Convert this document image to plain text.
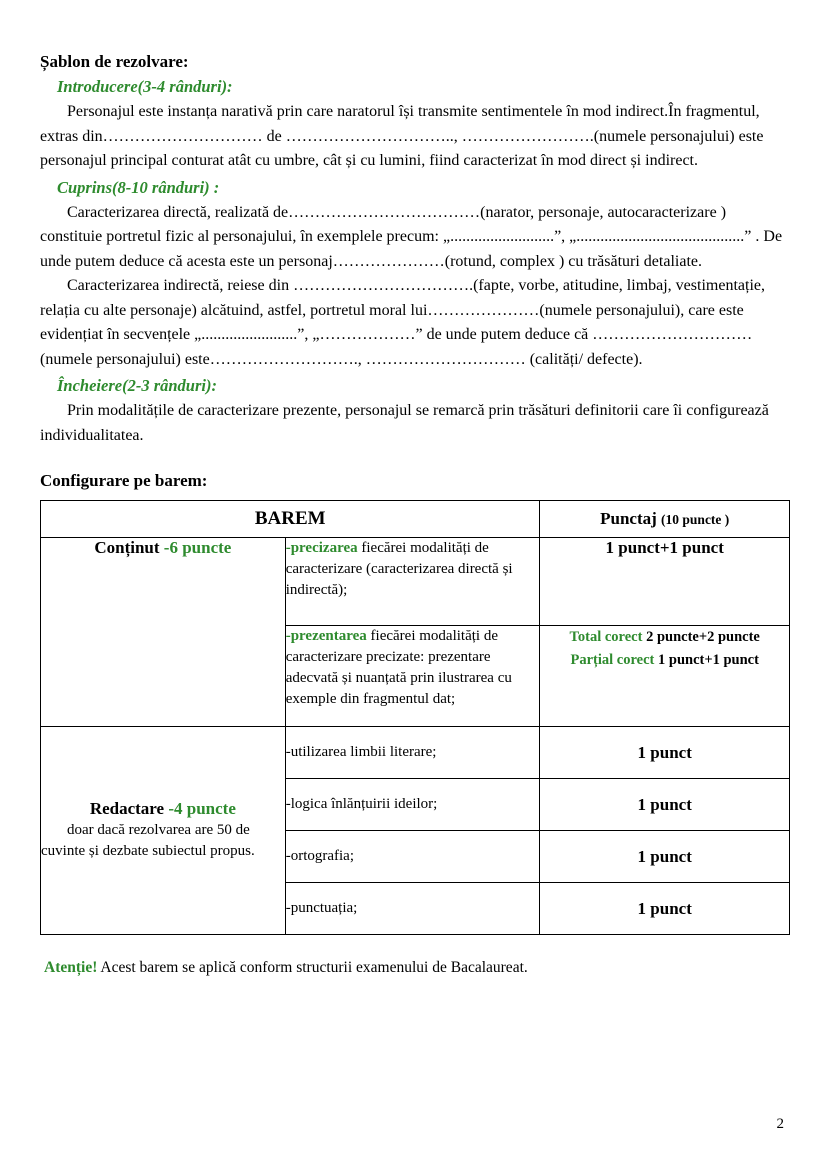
Șablon de rezolvare:
Introducere(3-4 rânduri):

Personajul este instanța narativă prin care naratorul își transmite sentimentele în mod indirect.În fragmentul, extras din………………………… de ………………………….., …………………….(numele personajului) este personajul principal conturat atât cu umbre, cât și cu lumini, fiind caracterizat în mod direct și indirect.

Cuprins(8-10 rânduri) :

Caracterizarea directă, realizată de………………………………(narator, personaje, autocaracterizare ) constituie portretul fizic al personajului, în exemplele precum: „..........................”, „..........................................” . De unde putem deduce că acesta este un personaj…………………(rotund, complex ) cu trăsături detaliate.

Caracterizarea indirectă, reiese din …………………………….(fapte, vorbe, atitudine, limbaj, vestimentație, relația cu alte personaje) alcătuind, astfel, portretul moral lui…………………(numele personajului), care este evidențiat în secvențele „........................”, „………………” de unde putem deduce că ………………………… (numele personajului) este………………………., ………………………… (calități/ defecte).

Încheiere(2-3 rânduri):

Prin modalitățile de caracterizare prezente, personajul se remarcă prin trăsături definitorii care îi configurează individualitatea.

Configurare pe barem:
BAREM		Punctaj (10 puncte )
Conținut -6 puncte	-precizarea fiecărei modalități de caracterizare (caracterizarea directă și indirectă);	1 punct+1 punct
	-prezentarea fiecărei modalități de caracterizare precizate: prezentare adecvată și nuanțată prin ilustrarea cu exemple din fragmentul dat;	Total corect 2 puncte+2 puncte
Parțial corect 1 punct+1 punct

Redactare -4 puncte
doar dacă rezolvarea are 50 de cuvinte și dezbate subiectul propus.	-utilizarea limbii literare;	1 punct
	-logica înlănțuirii ideilor;	1 punct
	-ortografia;	1 punct
	-punctuația;	1 punct

Atenție! Acest barem se aplică conform structurii examenului de Bacalaureat.

2
